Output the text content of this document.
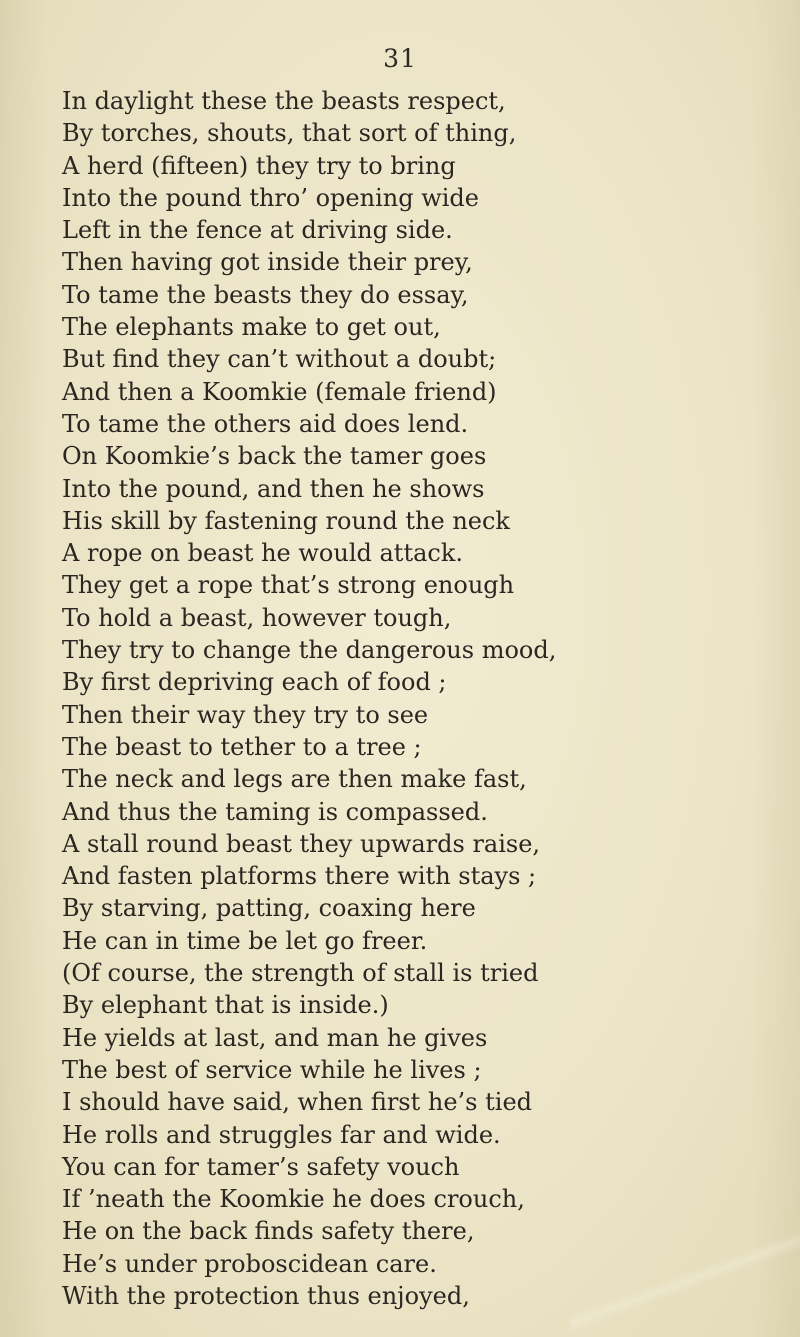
31
In daylight these the beasts respect,
By torches, shouts, that sort of thing,
A herd (fifteen) they try to bring
Into the pound thro’ opening wide
Left in the fence at driving side.
Then having got inside their prey,
To tame the beasts they do essay,
The elephants make to get out,
But find they can’t without a doubt;
And then a Koomkie (female friend)
To tame the others aid does lend.
On Koomkie’s back the tamer goes
Into the pound, and then he shows
His skill by fastening round the neck
A rope on beast he would attack.
They get a rope that’s strong enough
To hold a beast, however tough,
They try to change the dangerous mood,
By first depriving each of food ;
Then their way they try to see
The beast to tether to a tree ;
The neck and legs are then make fast,
And thus the taming is compassed.
A stall round beast they upwards raise,
And fasten platforms there with stays ;
By starving, patting, coaxing here
He can in time be let go freer.
(Of course, the strength of stall is tried
By elephant that is inside.)
He yields at last, and man he gives
The best of service while he lives ;
I should have said, when first he’s tied
He rolls and struggles far and wide.
You can for tamer’s safety vouch
If ’neath the Koomkie he does crouch,
He on the back finds safety there,
He’s under proboscidean care.
With the protection thus enjoyed,
